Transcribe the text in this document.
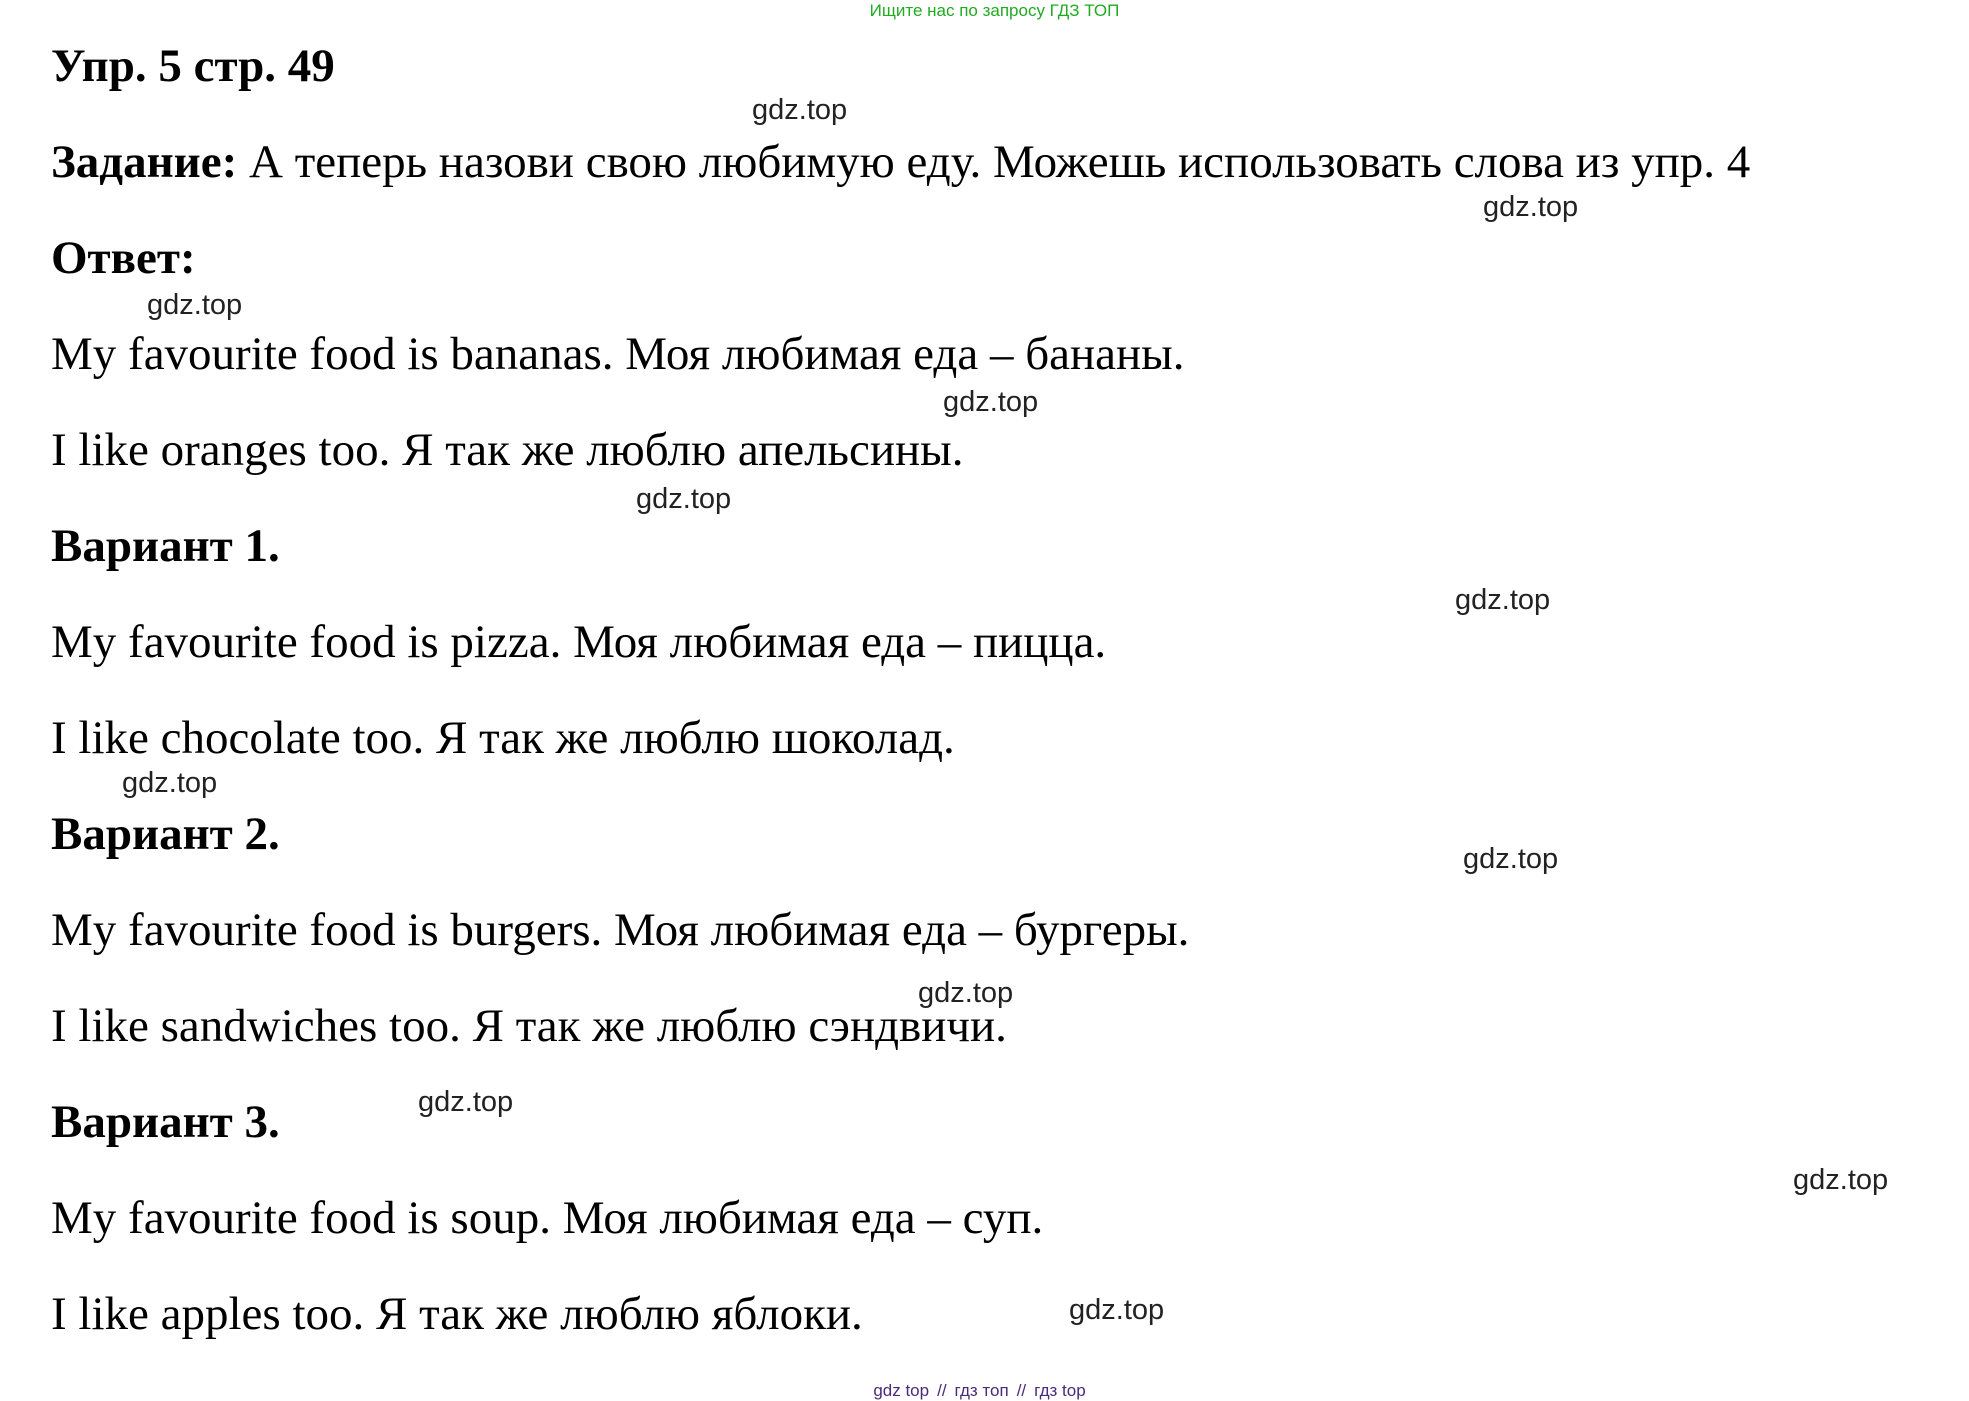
Ищите нас по запросу ГДЗ ТОП
Упр. 5 стр. 49
Задание: А теперь назови свою любимую еду. Можешь использовать слова из упр. 4
Ответ:
My favourite food is bananas. Моя любимая еда – бананы.
I like oranges too. Я так же люблю апельсины.
Вариант 1.
My favourite food is pizza. Моя любимая еда – пицца.
I like chocolate too. Я так же люблю шоколад.
Вариант 2.
My favourite food is burgers. Моя любимая еда – бургеры.
I like sandwiches too. Я так же люблю сэндвичи.
Вариант 3.
My favourite food is soup. Моя любимая еда – суп.
I like apples too. Я так же люблю яблоки.
gdz.top
gdz.top
gdz.top
gdz.top
gdz.top
gdz.top
gdz.top
gdz.top
gdz.top
gdz.top
gdz.top
gdz.top
gdz top // гдз топ // гдз top
